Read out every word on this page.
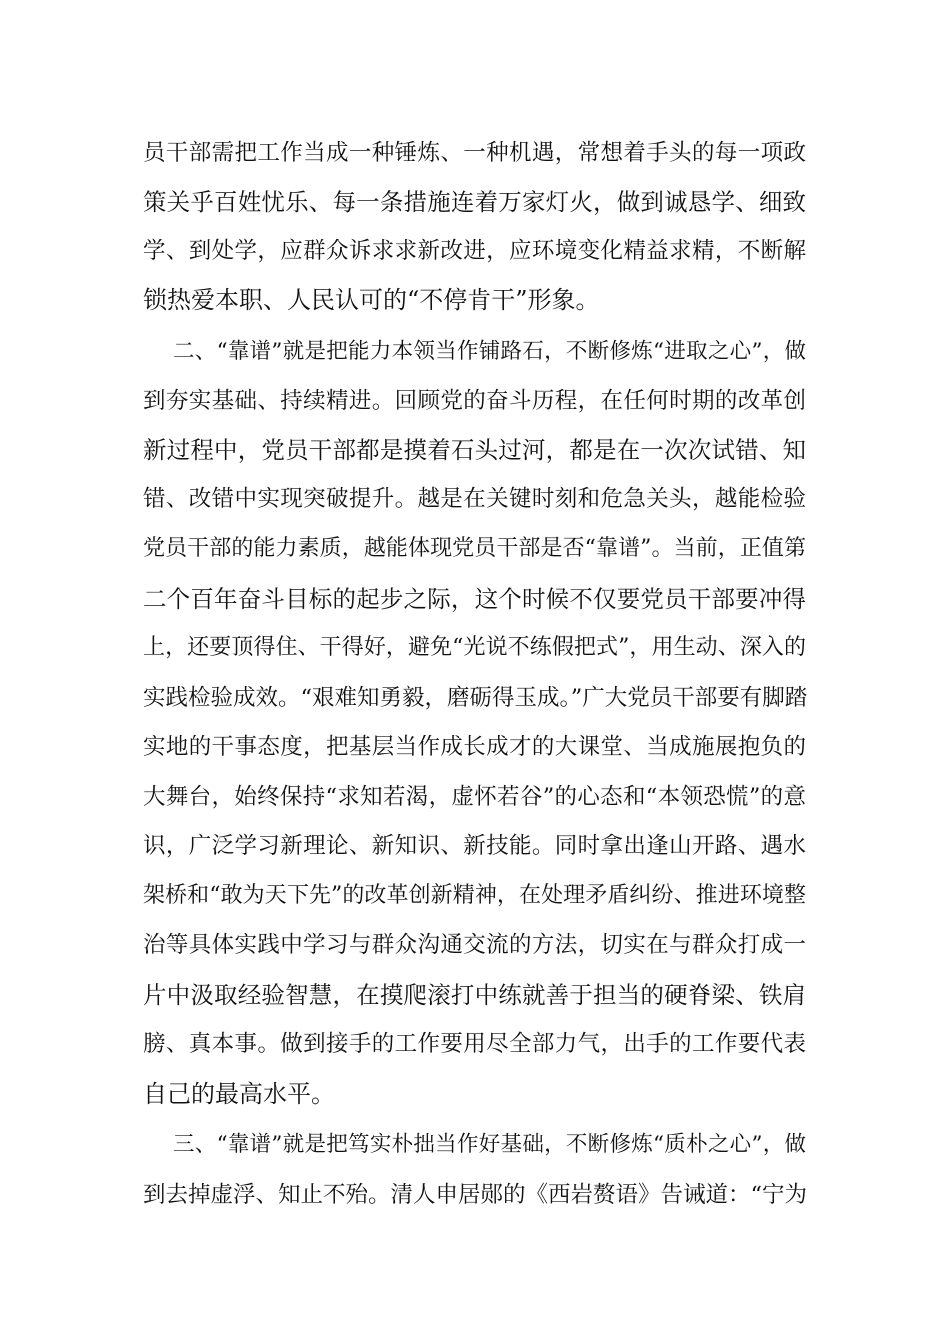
员干部需把工作当成一种锤炼、一种机遇，常想着手头的每一项政
策关乎百姓忧乐、每一条措施连着万家灯火，做到诚恳学、细致
学、到处学，应群众诉求求新改进，应环境变化精益求精，不断解
锁热爱本职、人民认可的“不停肯干”形象。
二、“靠谱”就是把能力本领当作铺路石，不断修炼“进取之心”，做
到夯实基础、持续精进。回顾党的奋斗历程，在任何时期的改革创
新过程中，党员干部都是摸着石头过河，都是在一次次试错、知
错、改错中实现突破提升。越是在关键时刻和危急关头，越能检验
党员干部的能力素质，越能体现党员干部是否“靠谱”。当前，正值第
二个百年奋斗目标的起步之际，这个时候不仅要党员干部要冲得
上，还要顶得住、干得好，避免“光说不练假把式”，用生动、深入的
实践检验成效。“艰难知勇毅，磨砺得玉成。”广大党员干部要有脚踏
实地的干事态度，把基层当作成长成才的大课堂、当成施展抱负的
大舞台，始终保持“求知若渴，虚怀若谷”的心态和“本领恐慌”的意
识，广泛学习新理论、新知识、新技能。同时拿出逢山开路、遇水
架桥和“敢为天下先”的改革创新精神，在处理矛盾纠纷、推进环境整
治等具体实践中学习与群众沟通交流的方法，切实在与群众打成一
片中汲取经验智慧，在摸爬滚打中练就善于担当的硬脊梁、铁肩
膀、真本事。做到接手的工作要用尽全部力气，出手的工作要代表
自己的最高水平。
三、“靠谱”就是把笃实朴拙当作好基础，不断修炼“质朴之心”，做
到去掉虚浮、知止不殆。清人申居郧的《西岩赘语》告诫道：“宁为
